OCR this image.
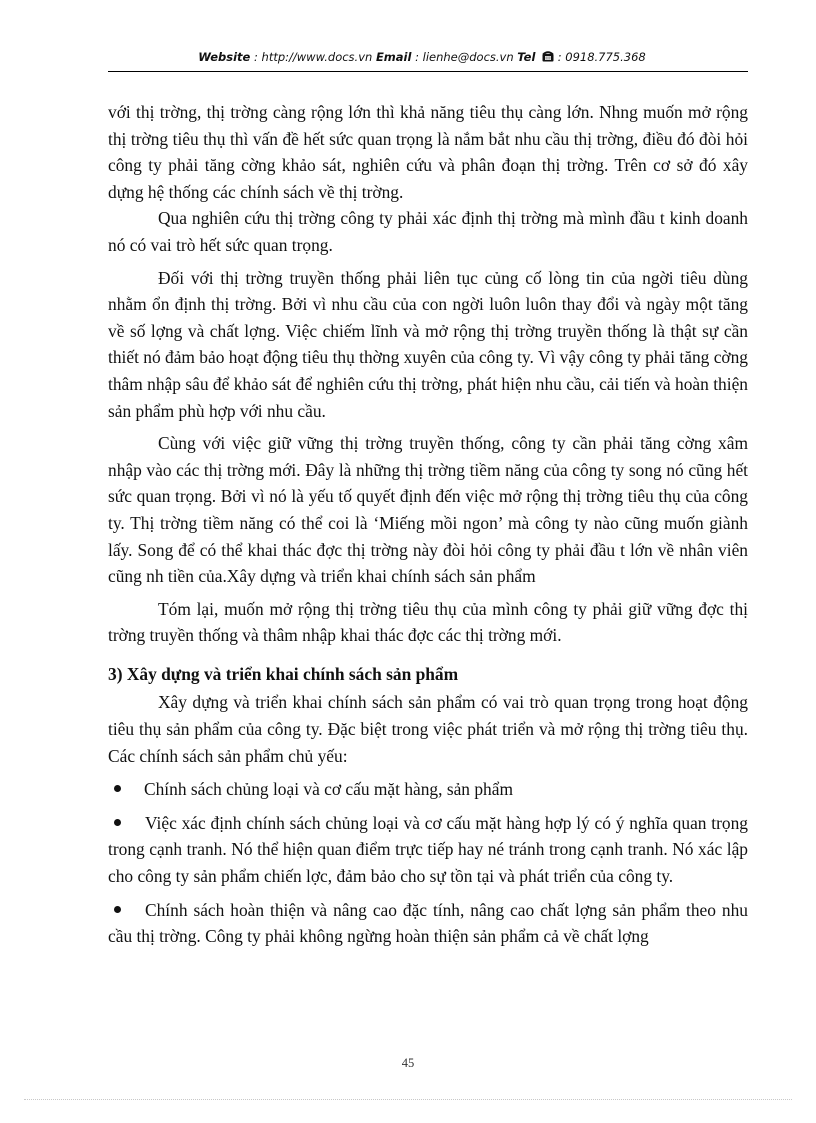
Website : http://www.docs.vn Email : lienhe@docs.vn Tel  : 0918.775.368

với thị trờng, thị trờng càng rộng lớn thì khả năng tiêu thụ càng lớn. Nhng muốn mở rộng thị trờng tiêu thụ thì vấn đề hết sức quan trọng là nắm bắt nhu cầu thị trờng, điều đó đòi hỏi công ty phải tăng cờng khảo sát, nghiên cứu và phân đoạn thị trờng. Trên cơ sở đó xây dựng hệ thống các chính sách về thị trờng.

Qua nghiên cứu thị trờng công ty phải xác định thị trờng mà mình đầu t kinh doanh nó có vai trò hết sức quan trọng.

Đối với thị trờng truyền thống phải liên tục củng cố lòng tin của ngời tiêu dùng nhằm ổn định thị trờng. Bởi vì nhu cầu của con ngời luôn luôn thay đổi và ngày một tăng về số lợng và chất lợng. Việc chiếm lĩnh và mở rộng thị trờng truyền thống là thật sự cần thiết nó đảm bảo hoạt động tiêu thụ thờng xuyên của công ty. Vì vậy công ty phải tăng cờng thâm nhập sâu để khảo sát để nghiên cứu thị trờng, phát hiện nhu cầu, cải tiến và hoàn thiện sản phẩm phù hợp với nhu cầu.

Cùng với việc giữ vững thị trờng truyền thống, công ty cần phải tăng cờng xâm nhập vào các thị trờng mới. Đây là những thị trờng tiềm năng của công ty song nó cũng hết sức quan trọng. Bởi vì nó là yếu tố quyết định đến việc mở rộng thị trờng tiêu thụ của công ty. Thị trờng tiềm năng có thể coi là ‘Miếng mồi ngon’ mà công ty nào cũng muốn giành lấy. Song để có thể khai thác đợc thị trờng này đòi hỏi công ty phải đầu t lớn về nhân viên cũng nh tiền của.Xây dựng và triển khai chính sách sản phẩm

Tóm lại, muốn mở rộng thị trờng tiêu thụ của mình công ty phải giữ vững đợc thị trờng truyền thống và thâm nhập khai thác đợc các thị trờng mới.

3) Xây dựng và triển khai chính sách sản phẩm

Xây dựng và triển khai chính sách sản phẩm có vai trò quan trọng trong hoạt động tiêu thụ sản phẩm của công ty. Đặc biệt trong việc phát triển và mở rộng thị trờng tiêu thụ. Các chính sách sản phẩm chủ yếu:

Chính sách chủng loại và cơ cấu mặt hàng, sản phẩm
Việc xác định chính sách chủng loại và cơ cấu mặt hàng hợp lý có ý nghĩa quan trọng trong cạnh tranh. Nó thể hiện quan điểm trực tiếp hay né tránh trong cạnh tranh. Nó xác lập cho công ty sản phẩm chiến lợc, đảm bảo cho sự tồn tại và phát triển của công ty.
Chính sách hoàn thiện và nâng cao đặc tính, nâng cao chất lợng sản phẩm theo nhu cầu thị trờng. Công ty phải không ngừng hoàn thiện sản phẩm cả về chất lợng
45
